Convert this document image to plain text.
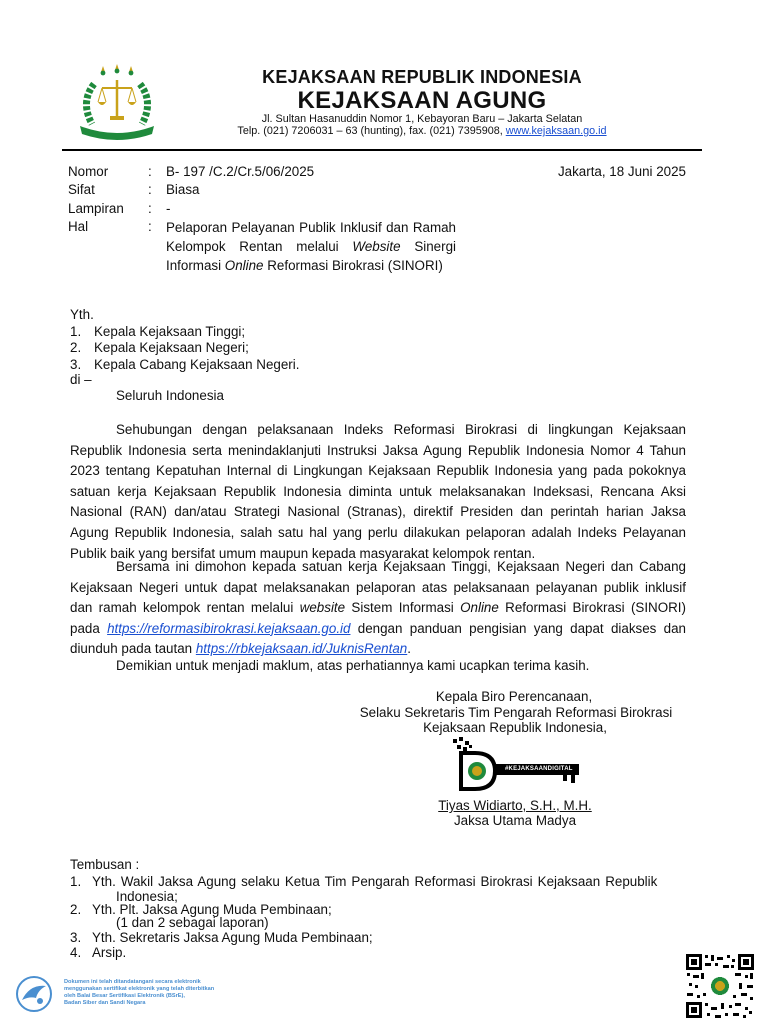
KEJAKSAAN REPUBLIK INDONESIA
KEJAKSAAN AGUNG
Jl. Sultan Hasanuddin Nomor 1, Kebayoran Baru – Jakarta Selatan
Telp. (021) 7206031 – 63 (hunting), fax. (021) 7395908, www.kejaksaan.go.id
Nomor	: B- 197 /C.2/Cr.5/06/2025
Sifat	: Biasa
Lampiran	: -
Hal	: Pelaporan Pelayanan Publik Inklusif dan Ramah Kelompok Rentan melalui Website Sinergi Informasi Online Reformasi Birokrasi (SINORI)
Jakarta, 18 Juni 2025
Yth.
1. Kepala Kejaksaan Tinggi;
2. Kepala Kejaksaan Negeri;
3. Kepala Cabang Kejaksaan Negeri.
di –
Seluruh Indonesia
Sehubungan dengan pelaksanaan Indeks Reformasi Birokrasi di lingkungan Kejaksaan Republik Indonesia serta menindaklanjuti Instruksi Jaksa Agung Republik Indonesia Nomor 4 Tahun 2023 tentang Kepatuhan Internal di Lingkungan Kejaksaan Republik Indonesia yang pada pokoknya satuan kerja Kejaksaan Republik Indonesia diminta untuk melaksanakan Indeksasi, Rencana Aksi Nasional (RAN) dan/atau Strategi Nasional (Stranas), direktif Presiden dan perintah harian Jaksa Agung Republik Indonesia, salah satu hal yang perlu dilakukan pelaporan adalah Indeks Pelayanan Publik baik yang bersifat umum maupun kepada masyarakat kelompok rentan.
Bersama ini dimohon kepada satuan kerja Kejaksaan Tinggi, Kejaksaan Negeri dan Cabang Kejaksaan Negeri untuk dapat melaksanakan pelaporan atas pelaksanaan pelayanan publik inklusif dan ramah kelompok rentan melalui website Sistem Informasi Online Reformasi Birokrasi (SINORI) pada https://reformasibirokrasi.kejaksaan.go.id dengan panduan pengisian yang dapat diakses dan diunduh pada tautan https://rbkejaksaan.id/JuknisRentan.
Demikian untuk menjadi maklum, atas perhatiannya kami ucapkan terima kasih.
Kepala Biro Perencanaan,
Selaku Sekretaris Tim Pengarah Reformasi Birokrasi
Kejaksaan Republik Indonesia,
#KEJAKSAANDIGITAL
Tiyas Widiarto, S.H., M.H.
Jaksa Utama Madya
Tembusan :
1. Yth. Wakil Jaksa Agung selaku Ketua Tim Pengarah Reformasi Birokrasi Kejaksaan Republik
Indonesia;
2. Yth. Plt. Jaksa Agung Muda Pembinaan;
(1 dan 2 sebagai laporan)
3. Yth. Sekretaris Jaksa Agung Muda Pembinaan;
4. Arsip.
Dokumen ini telah ditandatangani secara elektronik
menggunakan sertifikat elektronik yang telah diterbitkan
oleh Balai Besar Sertifikasi Elektronik (BSrE),
Badan Siber dan Sandi Negara
